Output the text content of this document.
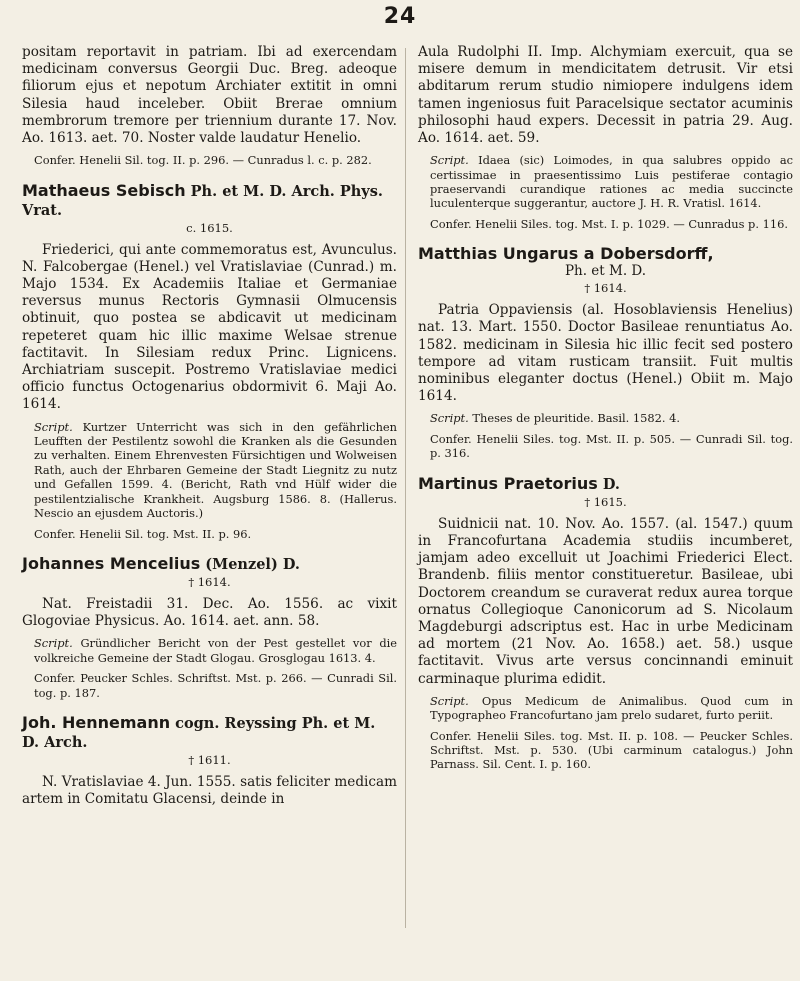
24

positam reportavit in patriam. Ibi ad exercendam medicinam conversus Georgii Duc. Breg. adeoque filiorum ejus et nepotum Archiater extitit in omni Silesia haud inceleber. Obiit Breгae omnium membrorum tremore per triennium durante 17. Nov. Ao. 1613. aet. 70. Noster valde laudatur Henelio.

Confer. Henelii Sil. tog. II. p. 296. — Cunradus l. c. p. 282.

Mathaeus Sebisch Ph. et M. D. Arch. Phys. Vrat.
c. 1615.

Friederici, qui ante commemoratus est, Avunculus. N. Falcobergae (Henel.) vel Vratislaviae (Cunrad.) m. Majo 1534. Ex Academiis Italiae et Germaniae reversus munus Rectoris Gymnasii Olmucensis obtinuit, quo postea se abdicavit ut medicinam repeteret quam hic illic maxime Welsae strenue factitavit. In Silesiam redux Princ. Lignicens. Archiatriam suscepit. Postremo Vratislaviae medici officio functus Octogenarius obdormivit 6. Maji Ao. 1614.

Script. Kurtzer Unterricht was sich in den gefährlichen Leufften der Pestilentz sowohl die Kranken als die Gesunden zu verhalten. Einem Ehrenvesten Fürsichtigen und Wolweisen Rath, auch der Ehrbaren Gemeine der Stadt Liegnitz zu nutz und Gefallen 1599. 4. (Bericht, Rath vnd Hülf wider die pestilentzialische Krankheit. Augsburg 1586. 8. (Hallerus. Nescio an ejusdem Auctoris.)

Confer. Henelii Sil. tog. Mst. II. p. 96.

Johannes Mencelius (Menzel) D.
† 1614.

Nat. Freistadii 31. Dec. Ao. 1556. ac vixit Glogoviae Physicus. Ao. 1614. aet. ann. 58.

Script. Gründlicher Bericht von der Pest gestellet vor die volkreiche Gemeine der Stadt Glogau. Grosglogau 1613. 4.

Confer. Peucker Schles. Schriftst. Mst. p. 266. — Cunradi Sil. tog. p. 187.

Joh. Hennemann cogn. Reyssing Ph. et M. D. Arch.
† 1611.

N. Vratislaviae 4. Jun. 1555. satis feliciter medicam artem in Comitatu Glacensi, deinde in

Aula Rudolphi II. Imp. Alchymiam exercuit, qua se misere demum in mendicitatem detrusit. Vir etsi abditarum rerum studio nimiopere indulgens idem tamen ingeniosus fuit Paracelsique sectator acuminis philosophi haud expers. Decessit in patria 29. Aug. Ao. 1614. aet. 59.

Script. Idaea (sic) Loimodes, in qua salubres oppido ac certissimae in praesentissimo Luis pestiferae contagio praeservandi curandique rationes ac media succincte luculenterque suggerantur, auctore J. H. R. Vratisl. 1614.

Confer. Henelii Siles. tog. Mst. I. p. 1029. — Cunradus p. 116.

Matthias Ungarus a Dobersdorff,
Ph. et M. D.
† 1614.

Patria Oppaviensis (al. Hosoblaviensis Henelius) nat. 13. Mart. 1550. Doctor Basileae renuntiatus Ao. 1582. medicinam in Silesia hic illic fecit sed postero tempore ad vitam rusticam transiit. Fuit multis nominibus eleganter doctus (Henel.) Obiit m. Majo 1614.

Script. Theses de pleuritide. Basil. 1582. 4.

Confer. Henelii Siles. tog. Mst. II. p. 505. — Cunradi Sil. tog. p. 316.

Martinus Praetorius D.
† 1615.

Suidnicii nat. 10. Nov. Ao. 1557. (al. 1547.) quum in Francofurtana Academia studiis incumberet, jamjam adeo excelluit ut Joachimi Friederici Elect. Brandenb. filiis mentor constitueretur. Basileae, ubi Doctorem creandum se curaverat redux aurea torque ornatus Collegioque Canonicorum ad S. Nicolaum Magdeburgi adscriptus est. Hac in urbe Medicinam ad mortem (21 Nov. Ao. 1658.) aet. 58.) usque factitavit. Vivus arte versus concinnandi eminuit carminaque plurima edidit.

Script. Opus Medicum de Animalibus. Quod cum in Typographeo Francofurtano jam prelo sudaret, furto periit.

Confer. Henelii Siles. tog. Mst. II. p. 108. — Peucker Schles. Schriftst. Mst. p. 530. (Ubi carminum catalogus.) John Parnass. Sil. Cent. I. p. 160.
